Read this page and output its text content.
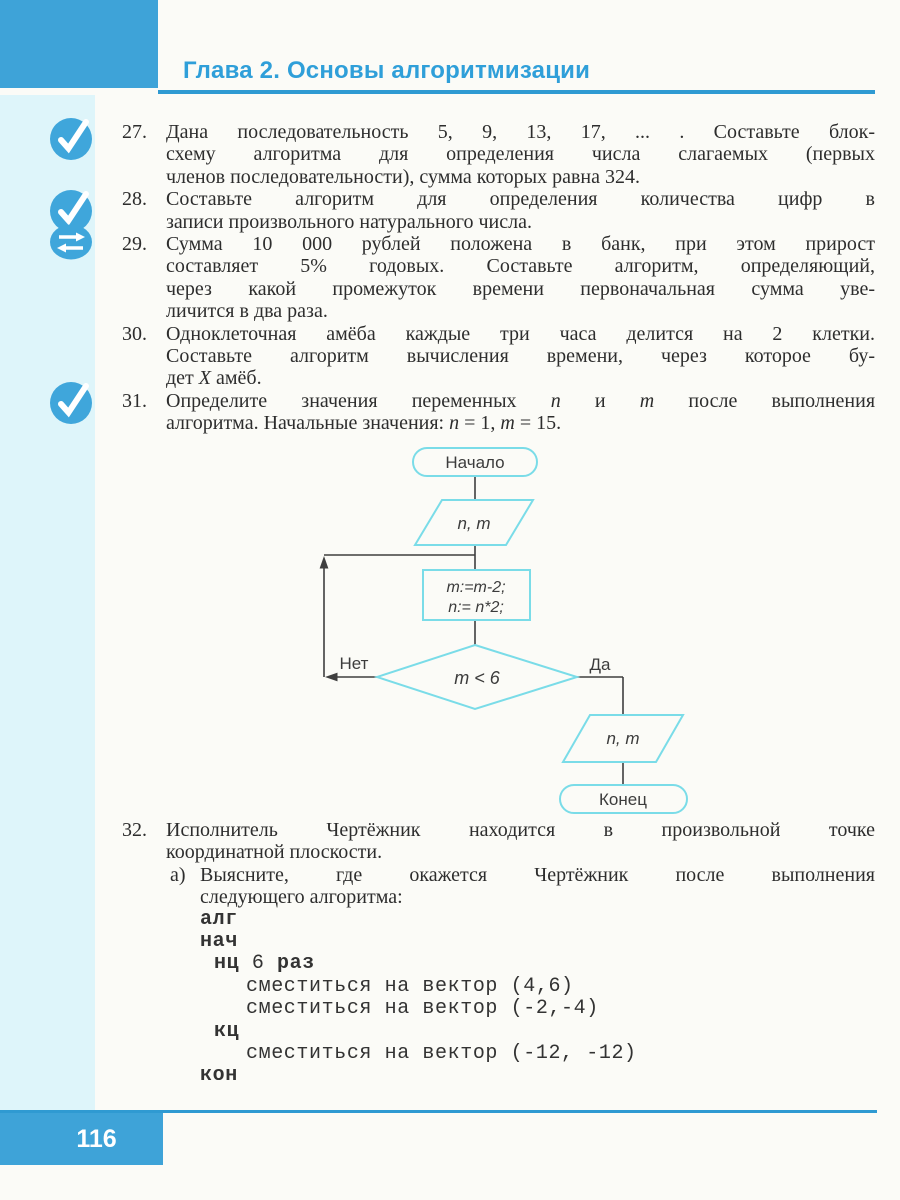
Глава 2. Основы алгоритмизации
27. Дана последовательность 5, 9, 13, 17, ... . Составьте блок-
схему алгоритма для определения числа слагаемых (первых
членов последовательности), сумма которых равна 324.
28. Составьте алгоритм для определения количества цифр в
записи произвольного натурального числа.
29. Сумма 10 000 рублей положена в банк, при этом прирост
составляет 5% годовых. Составьте алгоритм, определяющий,
через какой промежуток времени первоначальная сумма уве-
личится в два раза.
30. Одноклеточная амёба каждые три часа делится на 2 клетки.
Составьте алгоритм вычисления времени, через которое бу-
дет X амёб.
31. Определите значения переменных n и m после выполнения
алгоритма. Начальные значения: n = 1, m = 15.
Начало
n, m
m:=m-2;
n:= n*2;
m < 6
Нет	Да
n, m
Конец
32. Исполнитель Чертёжник находится в произвольной точке
координатной плоскости.
а) Выясните, где окажется Чертёжник после выполнения
следующего алгоритма:
алг
нач
нц 6 раз
сместиться на вектор (4,6)
сместиться на вектор (-2,-4)
кц
сместиться на вектор (-12, -12)
кон
116
